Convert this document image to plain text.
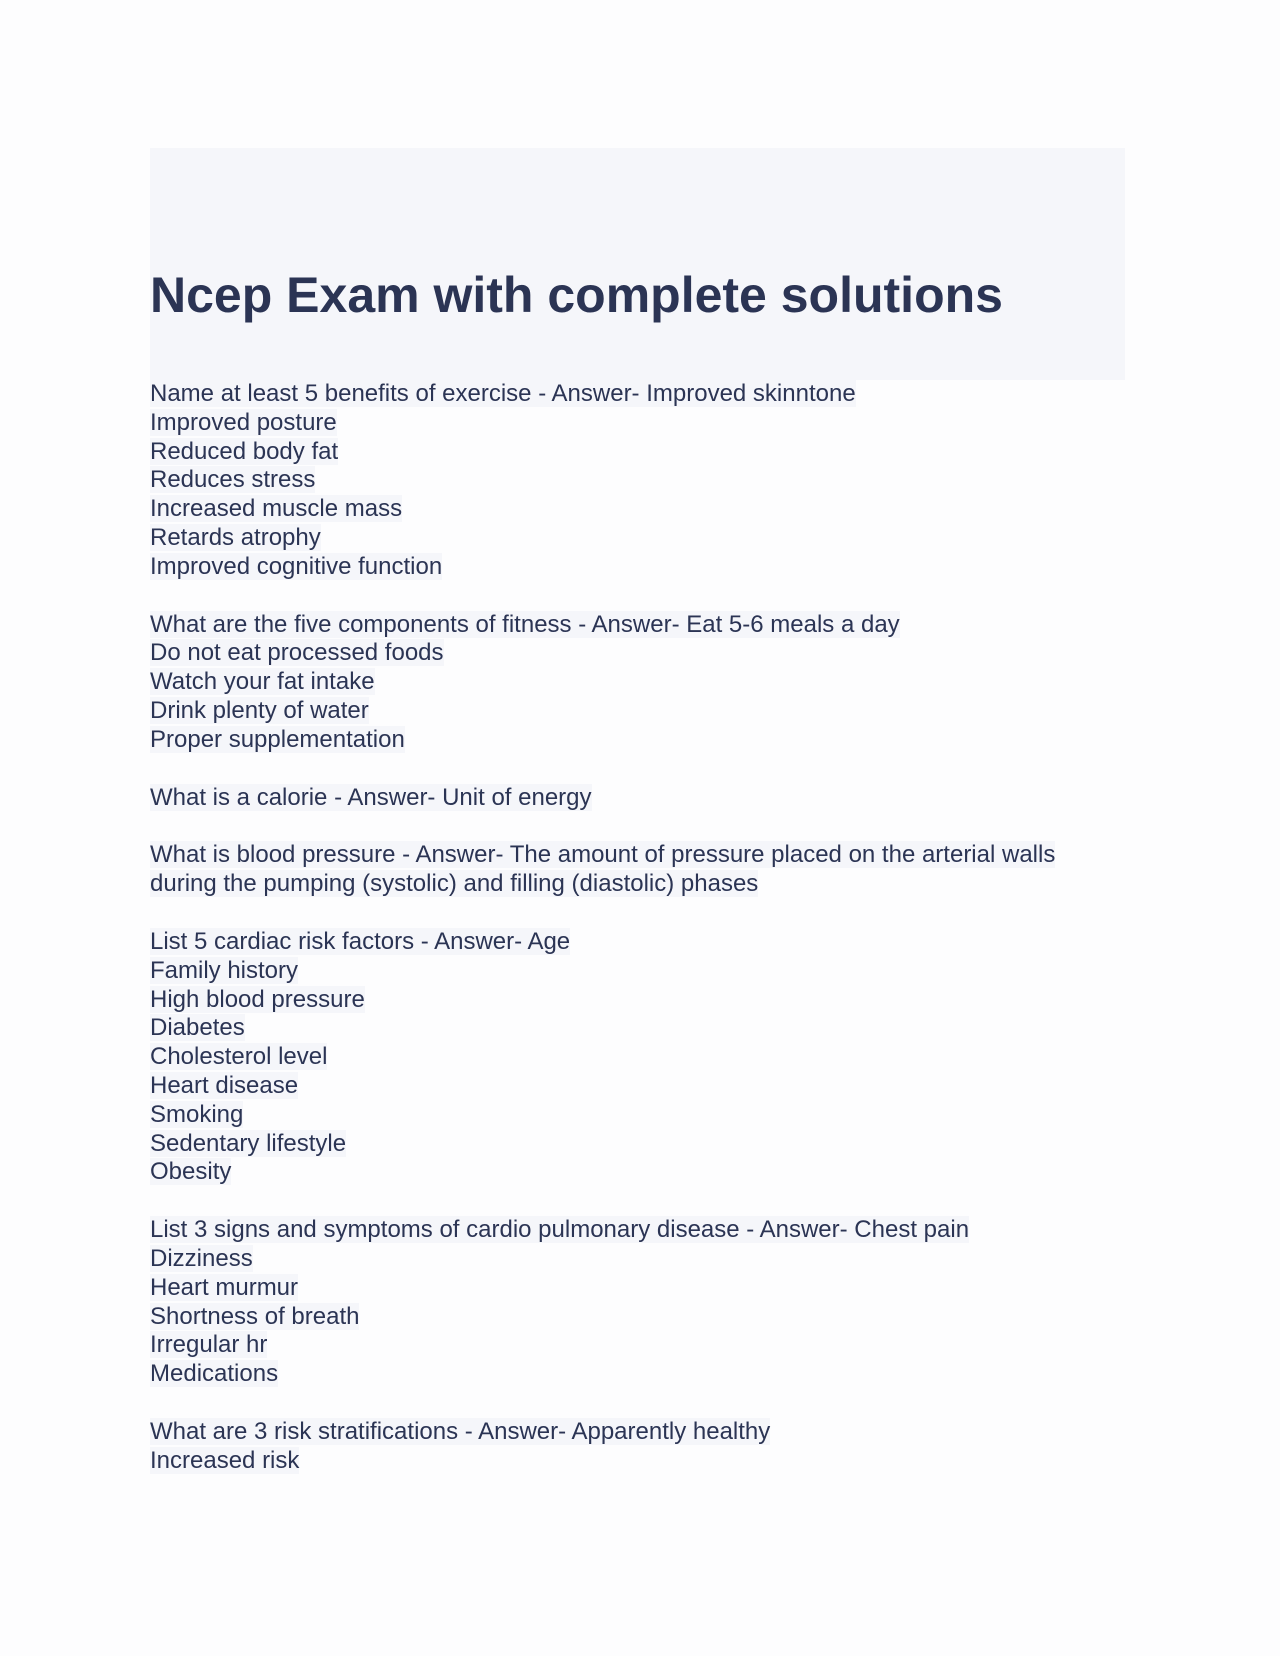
Ncep Exam with complete solutions
Name at least 5 benefits of exercise - Answer- Improved skinntone
Improved posture
Reduced body fat
Reduces stress
Increased muscle mass
Retards atrophy
Improved cognitive function
What are the five components of fitness - Answer- Eat 5-6 meals a day
Do not eat processed foods
Watch your fat intake
Drink plenty of water
Proper supplementation
What is a calorie - Answer- Unit of energy
What is blood pressure - Answer- The amount of pressure placed on the arterial walls
during the pumping (systolic) and filling (diastolic) phases
List 5 cardiac risk factors - Answer- Age
Family history
High blood pressure
Diabetes
Cholesterol level
Heart disease
Smoking
Sedentary lifestyle
Obesity
List 3 signs and symptoms of cardio pulmonary disease - Answer- Chest pain
Dizziness
Heart murmur
Shortness of breath
Irregular hr
Medications
What are 3 risk stratifications - Answer- Apparently healthy
Increased risk
